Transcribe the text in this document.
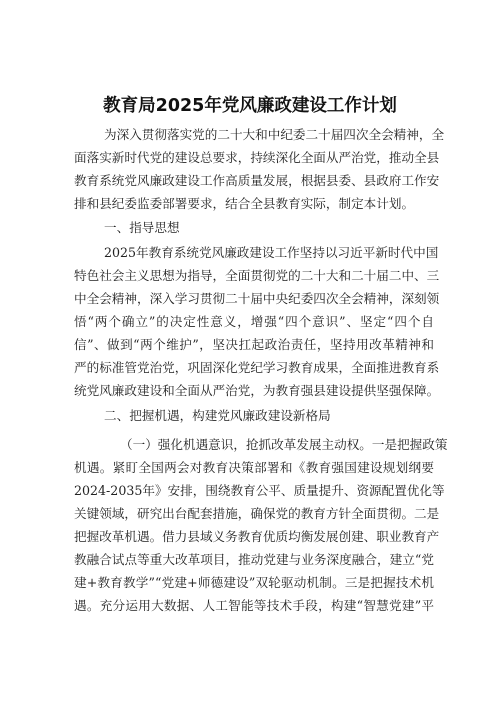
教育局2025年党风廉政建设工作计划
为深入贯彻落实党的二十大和中纪委二十届四次全会精神，全
面落实新时代党的建设总要求，持续深化全面从严治党，推动全县
教育系统党风廉政建设工作高质量发展，根据县委、县政府工作安
排和县纪委监委部署要求，结合全县教育实际，制定本计划。
一、指导思想
2025年教育系统党风廉政建设工作坚持以习近平新时代中国
特色社会主义思想为指导，全面贯彻党的二十大和二十届二中、三
中全会精神，深入学习贯彻二十届中央纪委四次全会精神，深刻领
悟“两个确立”的决定性意义，增强“四个意识”、坚定“四个自
信”、做到“两个维护”，坚决扛起政治责任，坚持用改革精神和
严的标准管党治党，巩固深化党纪学习教育成果，全面推进教育系
统党风廉政建设和全面从严治党，为教育强县建设提供坚强保障。
二、把握机遇，构建党风廉政建设新格局
（一）强化机遇意识，抢抓改革发展主动权。一是把握政策
机遇。紧盯全国两会对教育决策部署和《教育强国建设规划纲要
2024-2035年》安排，围绕教育公平、质量提升、资源配置优化等
关键领域，研究出台配套措施，确保党的教育方针全面贯彻。二是
把握改革机遇。借力县域义务教育优质均衡发展创建、职业教育产
教融合试点等重大改革项目，推动党建与业务深度融合，建立“党
建+教育教学”“党建+师德建设”双轮驱动机制。三是把握技术机
遇。充分运用大数据、人工智能等技术手段，构建“智慧党建”平
